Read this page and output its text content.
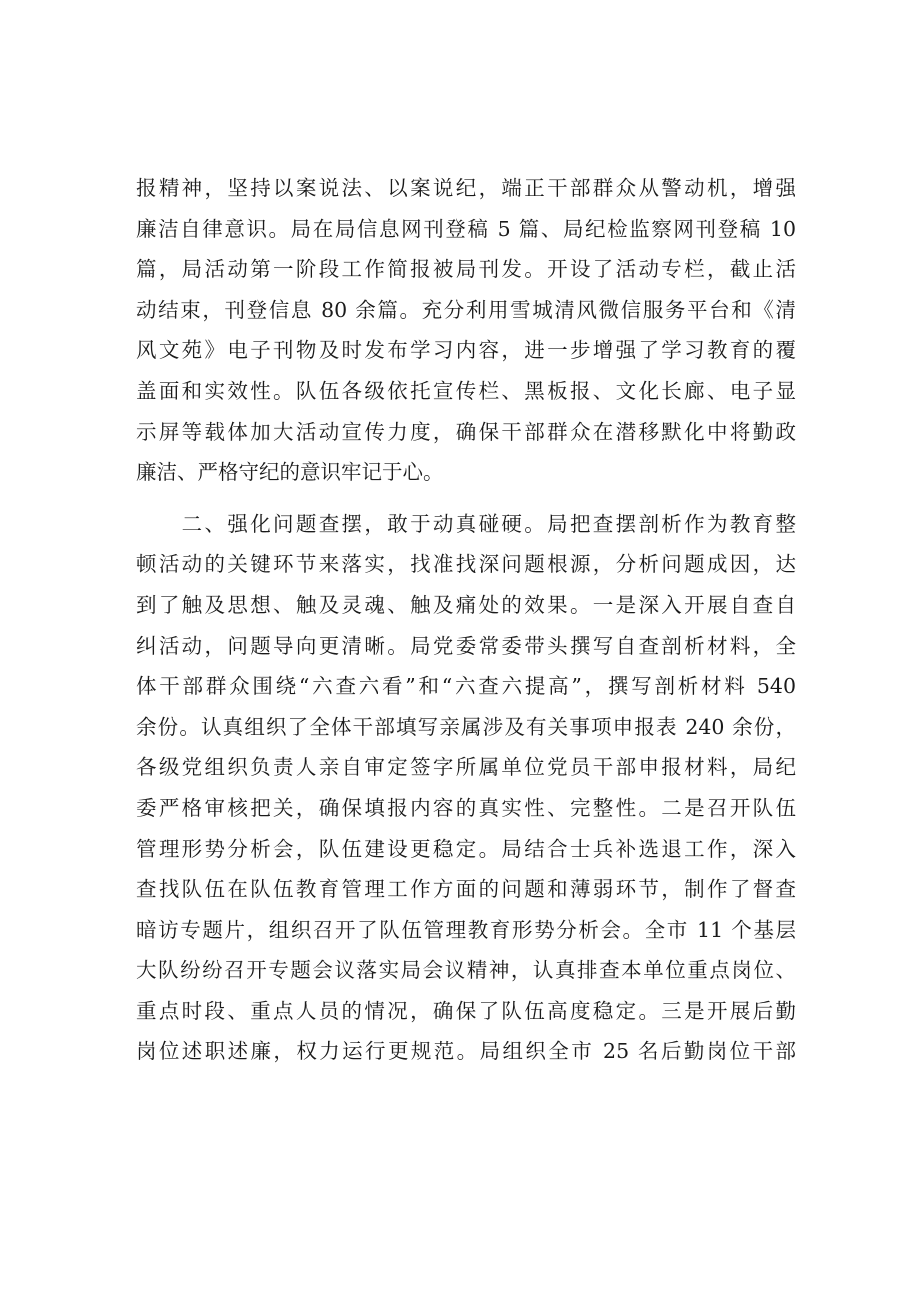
报精神，坚持以案说法、以案说纪，端正干部群众从警动机，增强
廉洁自律意识。局在局信息网刊登稿 5 篇、局纪检监察网刊登稿 10
篇，局活动第一阶段工作简报被局刊发。开设了活动专栏，截止活
动结束，刊登信息 80 余篇。充分利用雪城清风微信服务平台和《清
风文苑》电子刊物及时发布学习内容，进一步增强了学习教育的覆
盖面和实效性。队伍各级依托宣传栏、黑板报、文化长廊、电子显
示屏等载体加大活动宣传力度，确保干部群众在潜移默化中将勤政
廉洁、严格守纪的意识牢记于心。
　　二、强化问题查摆，敢于动真碰硬。局把查摆剖析作为教育整
顿活动的关键环节来落实，找准找深问题根源，分析问题成因，达
到了触及思想、触及灵魂、触及痛处的效果。一是深入开展自查自
纠活动，问题导向更清晰。局党委常委带头撰写自查剖析材料，全
体干部群众围绕“六查六看”和“六查六提高”，撰写剖析材料 540
余份。认真组织了全体干部填写亲属涉及有关事项申报表 240 余份，
各级党组织负责人亲自审定签字所属单位党员干部申报材料，局纪
委严格审核把关，确保填报内容的真实性、完整性。二是召开队伍
管理形势分析会，队伍建设更稳定。局结合士兵补选退工作，深入
查找队伍在队伍教育管理工作方面的问题和薄弱环节，制作了督查
暗访专题片，组织召开了队伍管理教育形势分析会。全市 11 个基层
大队纷纷召开专题会议落实局会议精神，认真排查本单位重点岗位、
重点时段、重点人员的情况，确保了队伍高度稳定。三是开展后勤
岗位述职述廉，权力运行更规范。局组织全市 25 名后勤岗位干部
